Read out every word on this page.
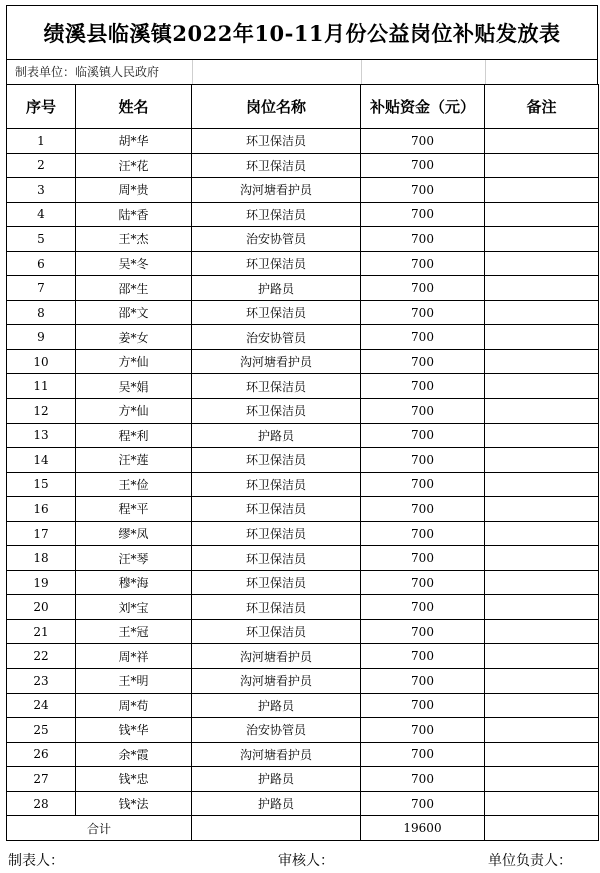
绩溪县临溪镇2022年10-11月份公益岗位补贴发放表
制表单位：临溪镇人民政府
序号	姓名	岗位名称	补贴资金（元）	备注
1	胡*华	环卫保洁员	700	
2	汪*花	环卫保洁员	700	
3	周*贵	沟河塘看护员	700	
4	陆*香	环卫保洁员	700	
5	王*杰	治安协管员	700	
6	吴*冬	环卫保洁员	700	
7	邵*生	护路员	700	
8	邵*文	环卫保洁员	700	
9	姜*女	治安协管员	700	
10	方*仙	沟河塘看护员	700	
11	吴*娟	环卫保洁员	700	
12	方*仙	环卫保洁员	700	
13	程*利	护路员	700	
14	汪*莲	环卫保洁员	700	
15	王*俭	环卫保洁员	700	
16	程*平	环卫保洁员	700	
17	缪*凤	环卫保洁员	700	
18	汪*琴	环卫保洁员	700	
19	穆*海	环卫保洁员	700	
20	刘*宝	环卫保洁员	700	
21	王*冠	环卫保洁员	700	
22	周*祥	沟河塘看护员	700	
23	王*明	沟河塘看护员	700	
24	周*苟	护路员	700	
25	钱*华	治安协管员	700	
26	余*霞	沟河塘看护员	700	
27	钱*忠	护路员	700	
28	钱*法	护路员	700	
合计			19600	
制表人：	审核人：	单位负责人：
